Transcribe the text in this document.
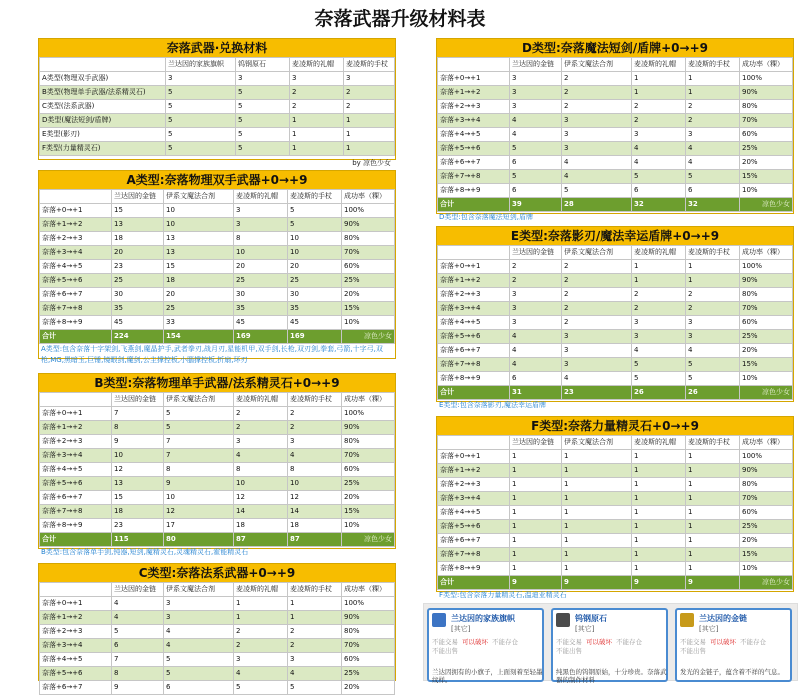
奈落武器升级材料表
奈落武器·兑换材料
	兰达因的家族旗帜	钨钢原石	麦凌斯的礼帽	麦凌斯的手杖
A类型(物理双手武器)	3	3	3	3
B类型(物理单手武器/法系精灵石)	5	5	2	2
C类型(法系武器)	5	5	2	2
D类型(魔法短剑/盾牌)	5	5	1	1
E类型(影刃)	5	5	1	1
F类型(力量精灵石)	5	5	1	1
by 凉色少女
A类型:奈落物理双手武器+0→+9
	兰达因的金链	伊系文魔法合剂	麦凌斯的礼帽	麦凌斯的手杖	成功率（粿）
奈落+0→+1	15	10	3	5	100%
奈落+1→+2	13	10	3	5	90%
奈落+2→+3	18	13	8	10	80%
奈落+3→+4	20	13	10	10	70%
奈落+4→+5	23	15	20	20	60%
奈落+5→+6	25	18	25	25	25%
奈落+6→+7	30	20	30	30	20%
奈落+7→+8	35	25	35	35	15%
奈落+8→+9	45	33	45	45	10%
合计	224	154	169	169	凉色少女
A类型:包含奈落十字架剑,飞燕剑,魔晶护手,武者拳刃,战月刃,星能机甲,双手剑,长枪,双刃剑,拳套,弓箭,十字弓,双枪,MG,黑暗玉,巨锤,镜眼剑,魔剑,公主撑控板,小腦撑控板,折扇,环刃
B类型:奈落物理单手武器/法系精灵石+0→+9
	兰达因的金链	伊系文魔法合剂	麦凌斯的礼帽	麦凌斯的手杖	成功率（粿）
奈落+0→+1	7	5	2	2	100%
奈落+1→+2	8	5	2	2	90%
奈落+2→+3	9	7	3	3	80%
奈落+3→+4	10	7	4	4	70%
奈落+4→+5	12	8	8	8	60%
奈落+5→+6	13	9	10	10	25%
奈落+6→+7	15	10	12	12	20%
奈落+7→+8	18	12	14	14	15%
奈落+8→+9	23	17	18	18	10%
合计	115	80	87	87	凉色少女
B类型:包含奈落单手剑,钝器,短剑,魔精灵石,灵魂精灵石,霍能精灵石
C类型:奈落法系武器+0→+9
	兰达因的金链	伊系文魔法合剂	麦凌斯的礼帽	麦凌斯的手杖	成功率（粿）
奈落+0→+1	4	3	1	1	100%
奈落+1→+2	4	3	1	1	90%
奈落+2→+3	5	4	2	2	80%
奈落+3→+4	6	4	2	2	70%
奈落+4→+5	7	5	3	3	60%
奈落+5→+6	8	5	4	4	25%
奈落+6→+7	9	6	5	5	20%
D类型:奈落魔法短剑/盾牌+0→+9
	兰达因的金链	伊系文魔法合剂	麦凌斯的礼帽	麦凌斯的手杖	成功率（粿）
奈落+0→+1	3	2	1	1	100%
奈落+1→+2	3	2	1	1	90%
奈落+2→+3	3	2	2	2	80%
奈落+3→+4	4	3	2	2	70%
奈落+4→+5	4	3	3	3	60%
奈落+5→+6	5	3	4	4	25%
奈落+6→+7	6	4	4	4	20%
奈落+7→+8	5	4	5	5	15%
奈落+8→+9	6	5	6	6	10%
合计	39	28	32	32	凉色少女
D类型:包含奈落魔法短剑,盾牌
E类型:奈落影刃/魔法幸运盾牌+0→+9
	兰达因的金链	伊系文魔法合剂	麦凌斯的礼帽	麦凌斯的手杖	成功率（粿）
奈落+0→+1	2	2	1	1	100%
奈落+1→+2	2	2	1	1	90%
奈落+2→+3	3	2	2	2	80%
奈落+3→+4	3	2	2	2	70%
奈落+4→+5	3	2	3	3	60%
奈落+5→+6	4	3	3	3	25%
奈落+6→+7	4	3	4	4	20%
奈落+7→+8	4	3	5	5	15%
奈落+8→+9	6	4	5	5	10%
合计	31	23	26	26	凉色少女
E类型:包含奈落影刃,魔法幸运盾牌
F类型:奈落力量精灵石+0→+9
	兰达因的金链	伊系文魔法合剂	麦凌斯的礼帽	麦凌斯的手杖	成功率（粿）
奈落+0→+1	1	1	1	1	100%
奈落+1→+2	1	1	1	1	90%
奈落+2→+3	1	1	1	1	80%
奈落+3→+4	1	1	1	1	70%
奈落+4→+5	1	1	1	1	60%
奈落+5→+6	1	1	1	1	25%
奈落+6→+7	1	1	1	1	20%
奈落+7→+8	1	1	1	1	15%
奈落+8→+9	1	1	1	1	10%
合计	9	9	9	9	凉色少女
F类型:包含奈落力量精灵石,温迪亚精灵石
兰达因的家族旗帜
[其它]
不能交易 可以破坏 不能存仓
不能出售
兰达因拥有的小旗子，上面刻着至轻墨纹样。
钨钢原石
[其它]
不能交易 可以破坏 不能存仓
不能出售
纯黑色的钨钢原始，十分珍贵。奈落武器的制作材料
兰达因的金链
[其它]
不能交易 可以破坏 不能存仓
不能出售
发光的金链子，蕴含着不祥的气息。
